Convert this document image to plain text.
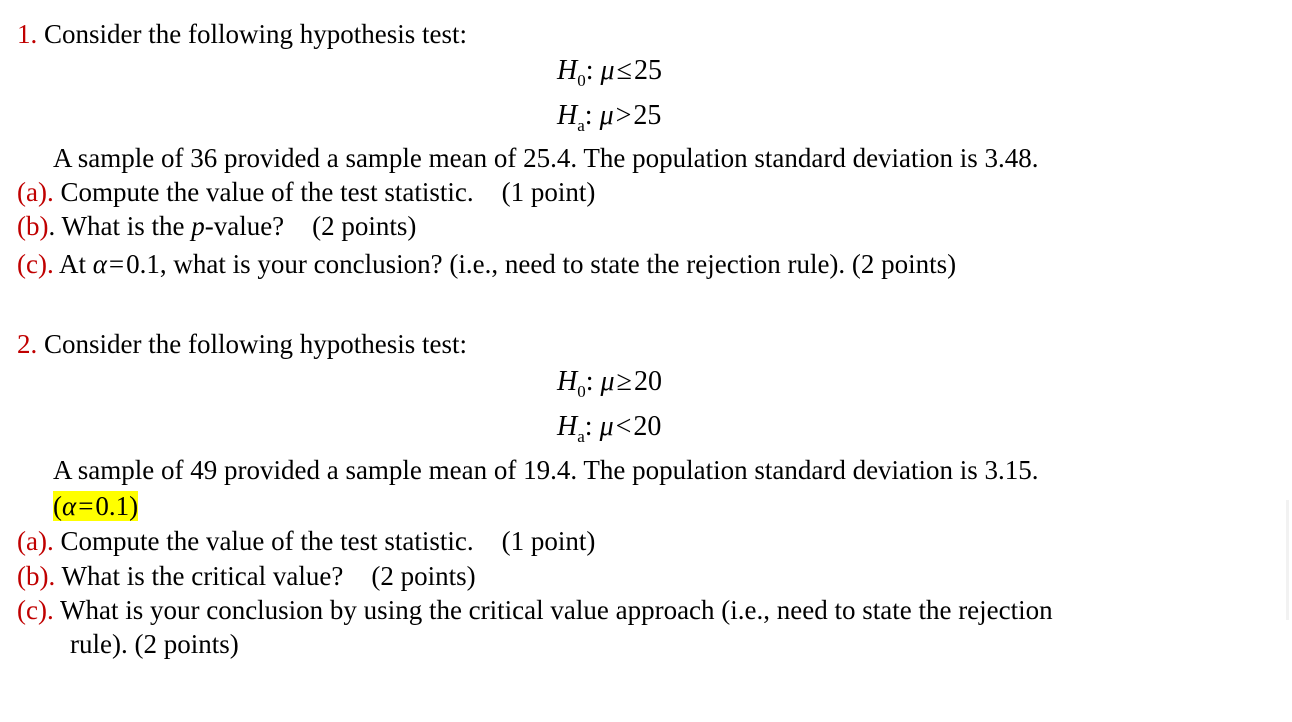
1. Consider the following hypothesis test:
$H_0$: μ≤25
$H_a$: μ>25
A sample of 36 provided a sample mean of 25.4. The population standard deviation is 3.48.
(a). Compute the value of the test statistic. (1 point)
(b). What is the p-value? (2 points)
(c). At α=0.1, what is your conclusion? (i.e., need to state the rejection rule). (2 points)
2. Consider the following hypothesis test:
$H_0$: μ≥20
$H_a$: μ<20
A sample of 49 provided a sample mean of 19.4. The population standard deviation is 3.15.
(α=0.1)
(a). Compute the value of the test statistic. (1 point)
(b). What is the critical value? (2 points)
(c). What is your conclusion by using the critical value approach (i.e., need to state the rejection
rule). (2 points)
